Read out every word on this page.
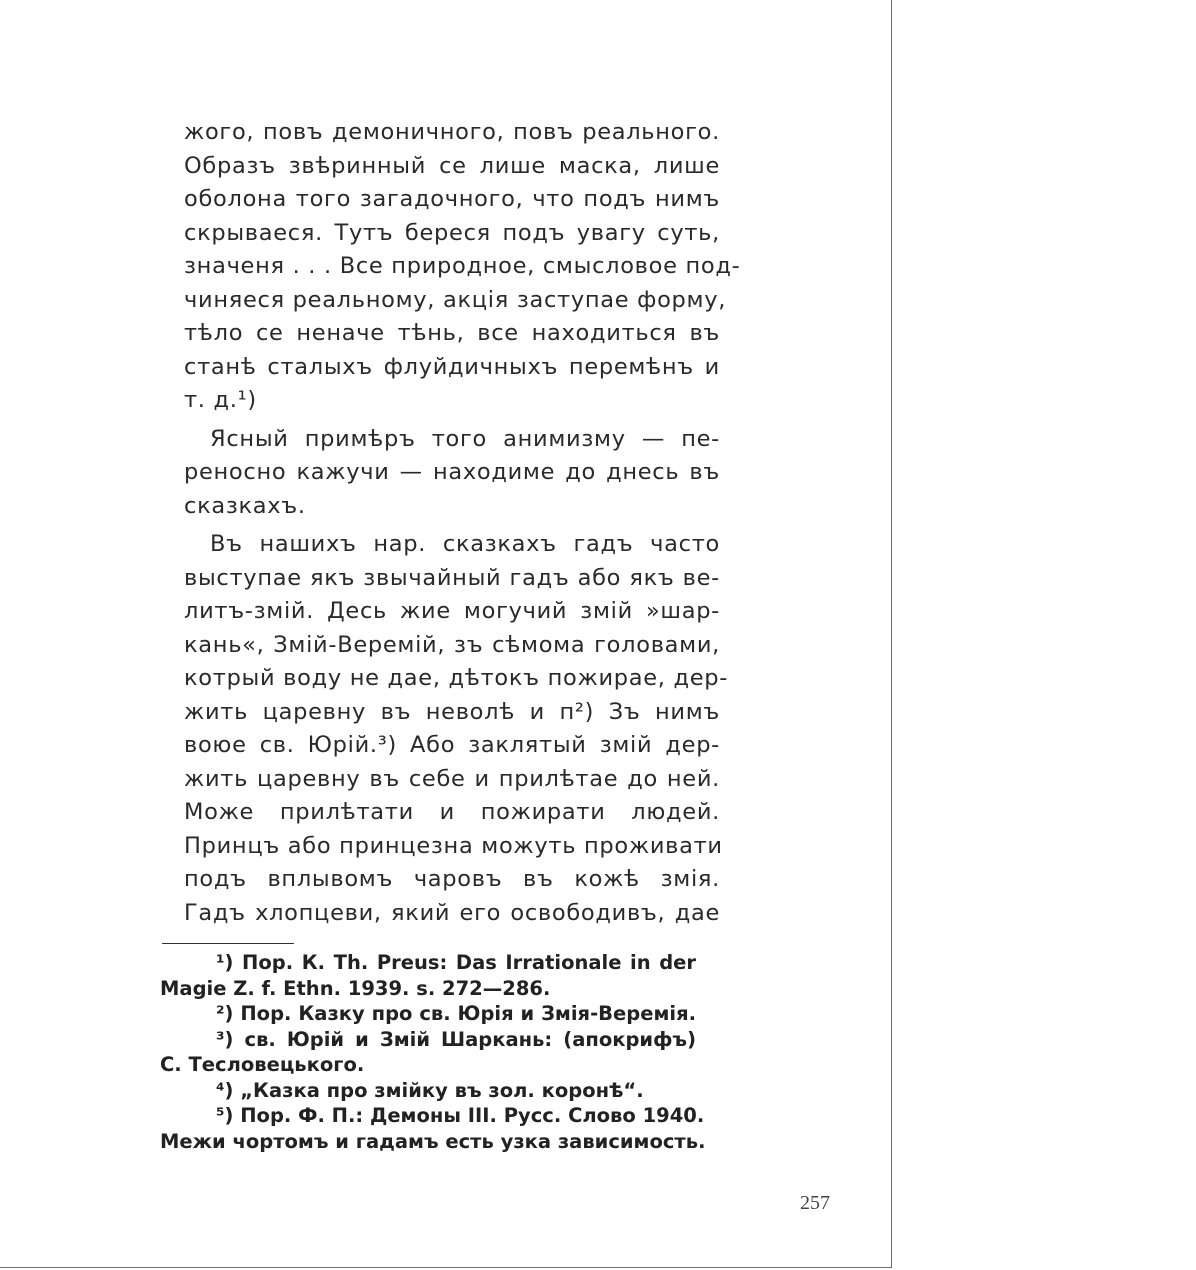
жого, повъ демоничного, повъ реального.
Образъ звѣринный се лише маска, лише
оболона того загадочного, что подъ нимъ
скрываеся. Тутъ береся подъ увагу суть,
значеня . . . Все природное, смысловое под-
чиняеся реальному, акція заступае форму,
тѣло се неначе тѣнь, все находиться въ
станѣ сталыхъ флуйдичныхъ перемѣнъ и
т. д.¹)
Ясный примѣръ того анимизму — пе-
реносно кажучи — находиме до днесь въ
сказкахъ.
Въ нашихъ нар. сказкахъ гадъ часто
выступае якъ звычайный гадъ або якъ ве-
литъ-змій. Десь жие могучий змій »шар-
кань«, Змій-Веремій, зъ сѣмома головами,
котрый воду не дае, дѣтокъ пожирае, дер-
жить царевну въ неволѣ и п²) Зъ нимъ
воюе св. Юрій.³) Або заклятый змій дер-
жить царевну въ себе и прилѣтае до ней.
Може прилѣтати и пожирати людей.
Принцъ або принцезна можуть проживати
подъ вплывомъ чаровъ въ кожѣ змія.
Гадъ хлопцеви, який его освободивъ, дае
¹) Пор. К. Th. Preus: Das Irrationale in der
Magie Z. f. Ethn. 1939. s. 272—286.
²) Пор. Казку про св. Юрія и Змія-Веремія.
³) св. Юрій и Змій Шаркань: (апокрифъ)
С. Тесловецького.
⁴) „Казка про змійку въ зол. коронѣ“.
⁵) Пор. Ф. П.: Демоны III. Русс. Слово 1940.
Межи чортомъ и гадамъ есть узка зависимость.
257
